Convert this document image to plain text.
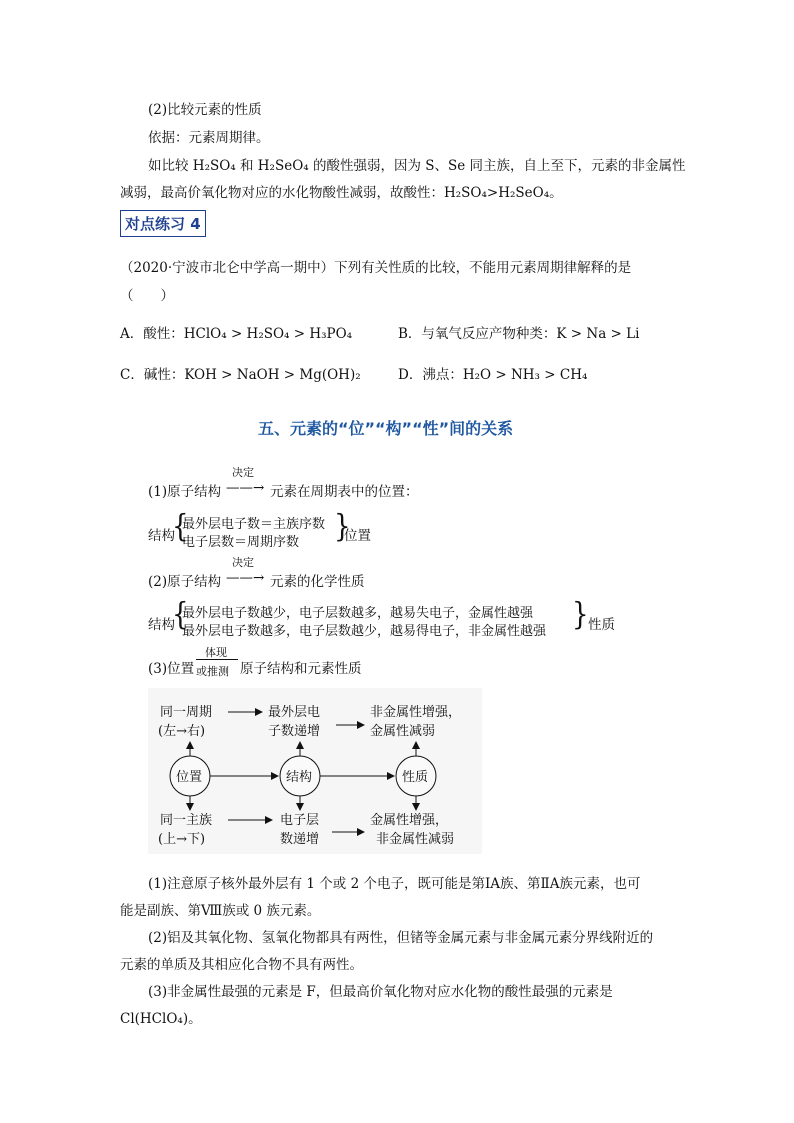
(2)比较元素的性质
依据：元素周期律。
如比较 H₂SO₄ 和 H₂SeO₄ 的酸性强弱，因为 S、Se 同主族，自上至下，元素的非金属性
减弱，最高价氧化物对应的水化物酸性减弱，故酸性：H₂SO₄>H₂SeO₄。
对点练习 4
（2020·宁波市北仑中学高一期中）下列有关性质的比较，不能用元素周期律解释的是
（　　）
A．酸性：HClO₄ > H₂SO₄ > H₃PO₄	B．与氧气反应产物种类：K > Na > Li
C．碱性：KOH > NaOH > Mg(OH)₂	D．沸点：H₂O > NH₃ > CH₄
五、元素的“位”“构”“性”间的关系
(1)原子结构
决定
——→ 元素在周期表中的位置：
结构
{
最外层电子数＝主族序数
电子层数＝周期序数 }
位置
(2)原子结构
决定
——→ 元素的化学性质
结构
{
最外层电子数越少，电子层数越多，越易失电子，金属性越强
最外层电子数越多，电子层数越少，越易得电子，非金属性越强 } 性质
(3)位置
体现
或推测 原子结构和元素性质
同一周期
(左→右)
最外层电
子数递增
非金属性增强，
金属性减弱
位置	结构	性质
同一主族
(上→下)
电子层
数递增
金属性增强，
非金属性减弱
(1)注意原子核外最外层有 1 个或 2 个电子，既可能是第ⅠA族、第ⅡA族元素，也可
能是副族、第Ⅷ族或 0 族元素。
(2)铝及其氧化物、氢氧化物都具有两性，但锗等金属元素与非金属元素分界线附近的
元素的单质及其相应化合物不具有两性。
(3)非金属性最强的元素是 F，但最高价氧化物对应水化物的酸性最强的元素是
Cl(HClO₄)。
